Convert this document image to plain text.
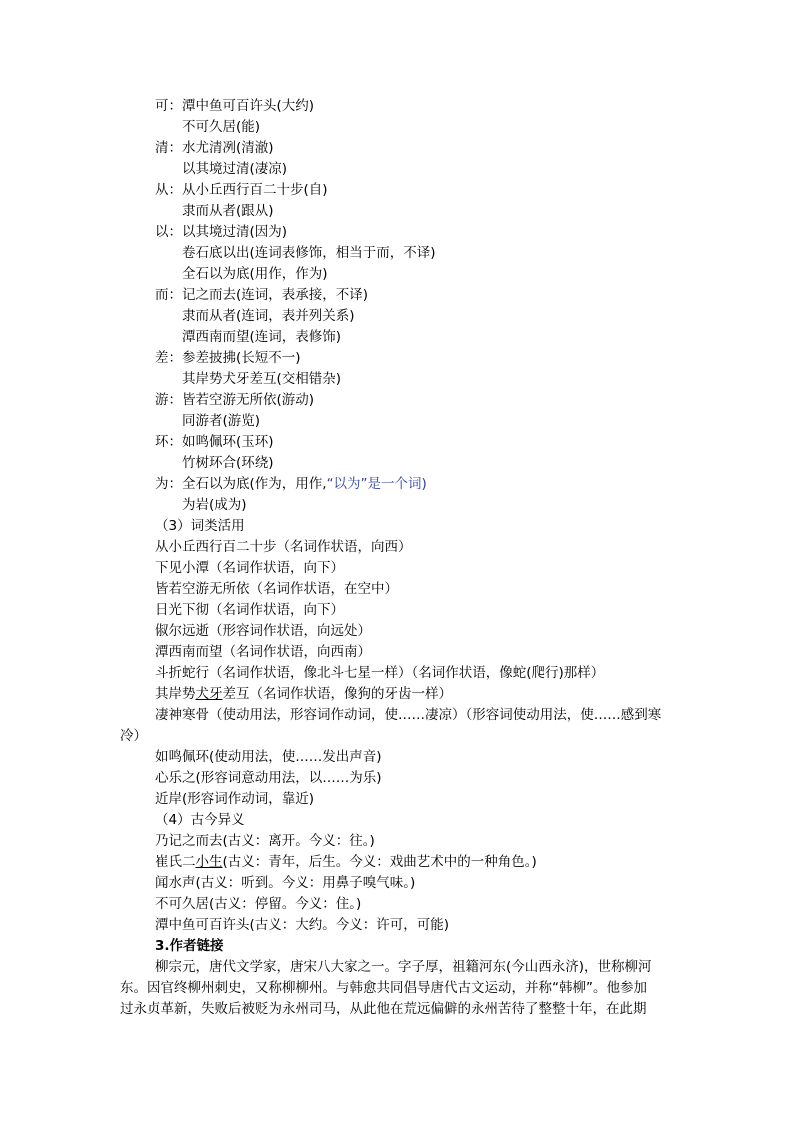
可：潭中鱼可百许头(大约)
不可久居(能)
清：水尤清冽(清澈)
以其境过清(凄凉)
从：从小丘西行百二十步(自)
隶而从者(跟从)
以：以其境过清(因为)
卷石底以出(连词表修饰，相当于而，不译)
全石以为底(用作，作为)
而：记之而去(连词，表承接，不译)
隶而从者(连词，表并列关系)
潭西南而望(连词，表修饰)
差：参差披拂(长短不一)
其岸势犬牙差互(交相错杂)
游：皆若空游无所依(游动)
同游者(游览)
环：如鸣佩环(玉环)
竹树环合(环绕)
为：全石以为底(作为，用作,“以为”是一个词)
为岩(成为)
（3）词类活用
从小丘西行百二十步（名词作状语，向西）
下见小潭（名词作状语，向下）
皆若空游无所依（名词作状语，在空中）
日光下彻（名词作状语，向下）
俶尔远逝（形容词作状语，向远处）
潭西南而望（名词作状语，向西南）
斗折蛇行（名词作状语，像北斗七星一样）（名词作状语，像蛇(爬行)那样）
其岸势犬牙差互（名词作状语，像狗的牙齿一样）
凄神寒骨（使动用法，形容词作动词，使……凄凉）（形容词使动用法，使……感到寒
冷）
如鸣佩环(使动用法，使……发出声音)
心乐之(形容词意动用法，以……为乐)
近岸(形容词作动词，靠近)
（4）古今异义
乃记之而去(古义：离开。今义：往。)
崔氏二小生(古义：青年，后生。今义：戏曲艺术中的一种角色。)
闻水声(古义：听到。今义：用鼻子嗅气味。)
不可久居(古义：停留。今义：住。)
潭中鱼可百许头(古义：大约。今义：许可，可能)
3.作者链接
柳宗元，唐代文学家，唐宋八大家之一。字子厚，祖籍河东(今山西永济)，世称柳河
东。因官终柳州刺史，又称柳柳州。与韩愈共同倡导唐代古文运动，并称“韩柳”。他参加
过永贞革新，失败后被贬为永州司马，从此他在荒远偏僻的永州苦待了整整十年，在此期
